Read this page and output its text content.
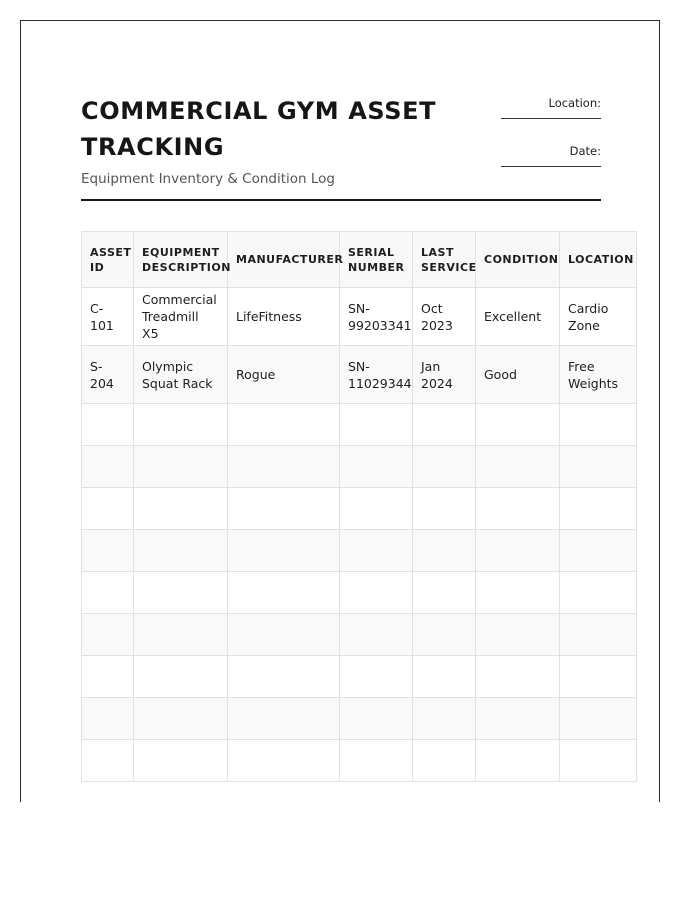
COMMERCIAL GYM ASSET TRACKING
Equipment Inventory & Condition Log
Location:
Date:
ASSET ID	EQUIPMENT DESCRIPTION	MANUFACTURER	SERIAL NUMBER	LAST SERVICE	CONDITION	LOCATION
C-101	Commercial Treadmill X5	LifeFitness	SN-99203341	Oct 2023	Excellent	Cardio Zone
S-204	Olympic Squat Rack	Rogue	SN-11029344	Jan 2024	Good	Free Weights
